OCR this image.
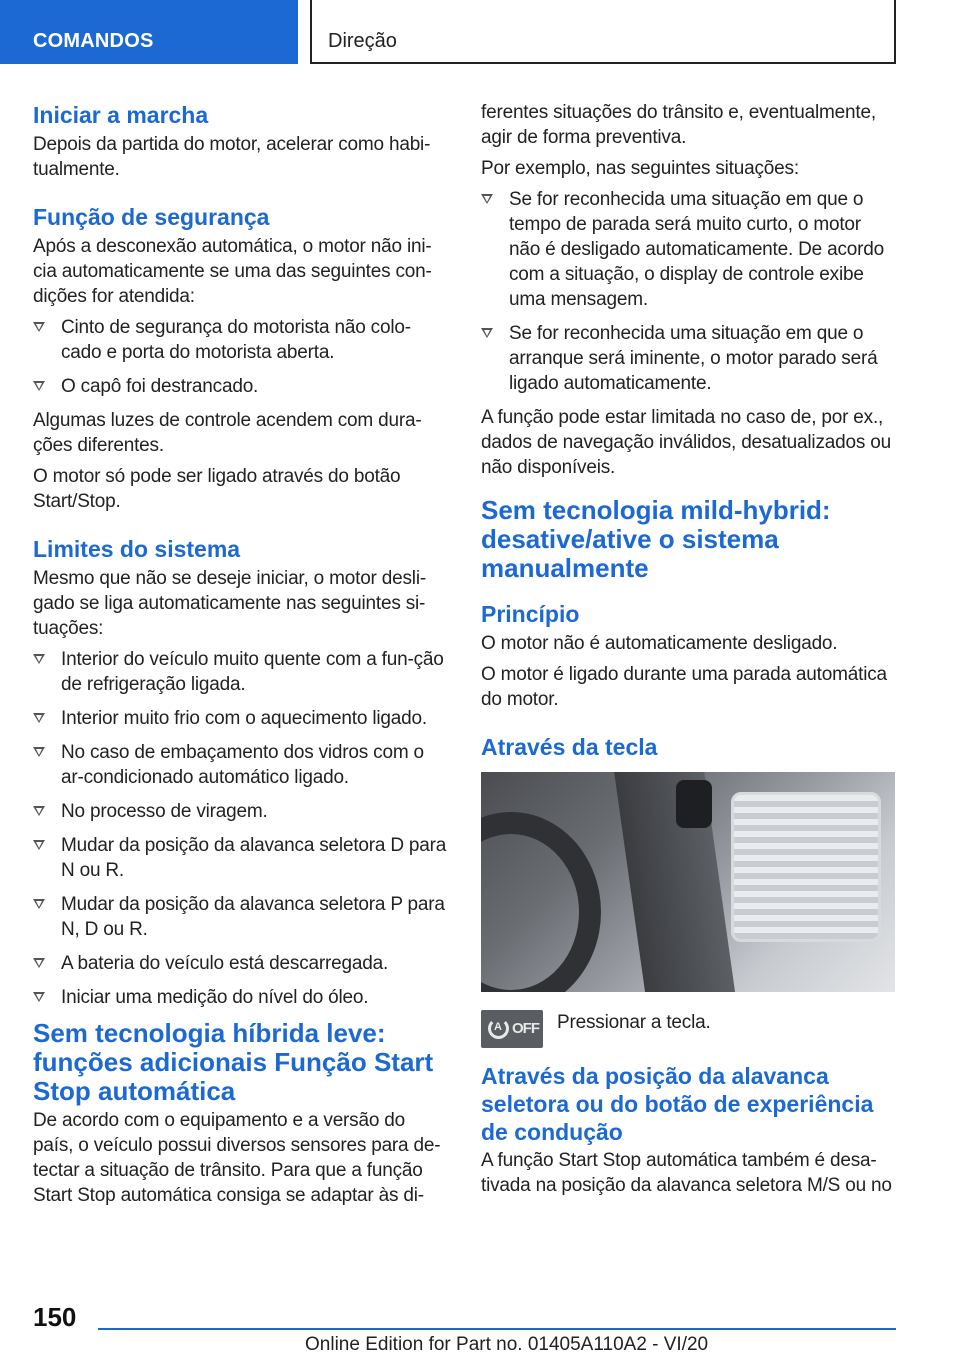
COMANDOS	Direção
Iniciar a marcha

Depois da partida do motor, acelerar como habi-tualmente.

Função de segurança

Após a desconexão automática, o motor não ini-cia automaticamente se uma das seguintes con-dições for atendida:

Cinto de segurança do motorista não colo-cado e porta do motorista aberta.
O capô foi destrancado.

Algumas luzes de controle acendem com dura-ções diferentes.

O motor só pode ser ligado através do botão Start/Stop.

Limites do sistema

Mesmo que não se deseje iniciar, o motor desli-gado se liga automaticamente nas seguintes si-tuações:

Interior do veículo muito quente com a fun-ção de refrigeração ligada.
Interior muito frio com o aquecimento ligado.
No caso de embaçamento dos vidros com o ar-condicionado automático ligado.
No processo de viragem.
Mudar da posição da alavanca seletora D para N ou R.
Mudar da posição da alavanca seletora P para N, D ou R.
A bateria do veículo está descarregada.
Iniciar uma medição do nível do óleo.
Sem tecnologia híbrida leve: funções adicionais Função Start Stop automática

De acordo com o equipamento e a versão do país, o veículo possui diversos sensores para de-tectar a situação de trânsito. Para que a função Start Stop automática consiga se adaptar às di-

ferentes situações do trânsito e, eventualmente, agir de forma preventiva.

Por exemplo, nas seguintes situações:

Se for reconhecida uma situação em que o tempo de parada será muito curto, o motor não é desligado automaticamente. De acordo com a situação, o display de controle exibe uma mensagem.
Se for reconhecida uma situação em que o arranque será iminente, o motor parado será ligado automaticamente.

A função pode estar limitada no caso de, por ex., dados de navegação inválidos, desatualizados ou não disponíveis.

Sem tecnologia mild-hybrid: desative/ative o sistema manualmente
Princípio

O motor não é automaticamente desligado.

O motor é ligado durante uma parada automática do motor.

Através da tecla
A OFF Pressionar a tecla.

Através da posição da alavanca seletora ou do botão de experiência de condução

A função Start Stop automática também é desa-tivada na posição da alavanca seletora M/S ou no

150
Online Edition for Part no. 01405A110A2 - VI/20
